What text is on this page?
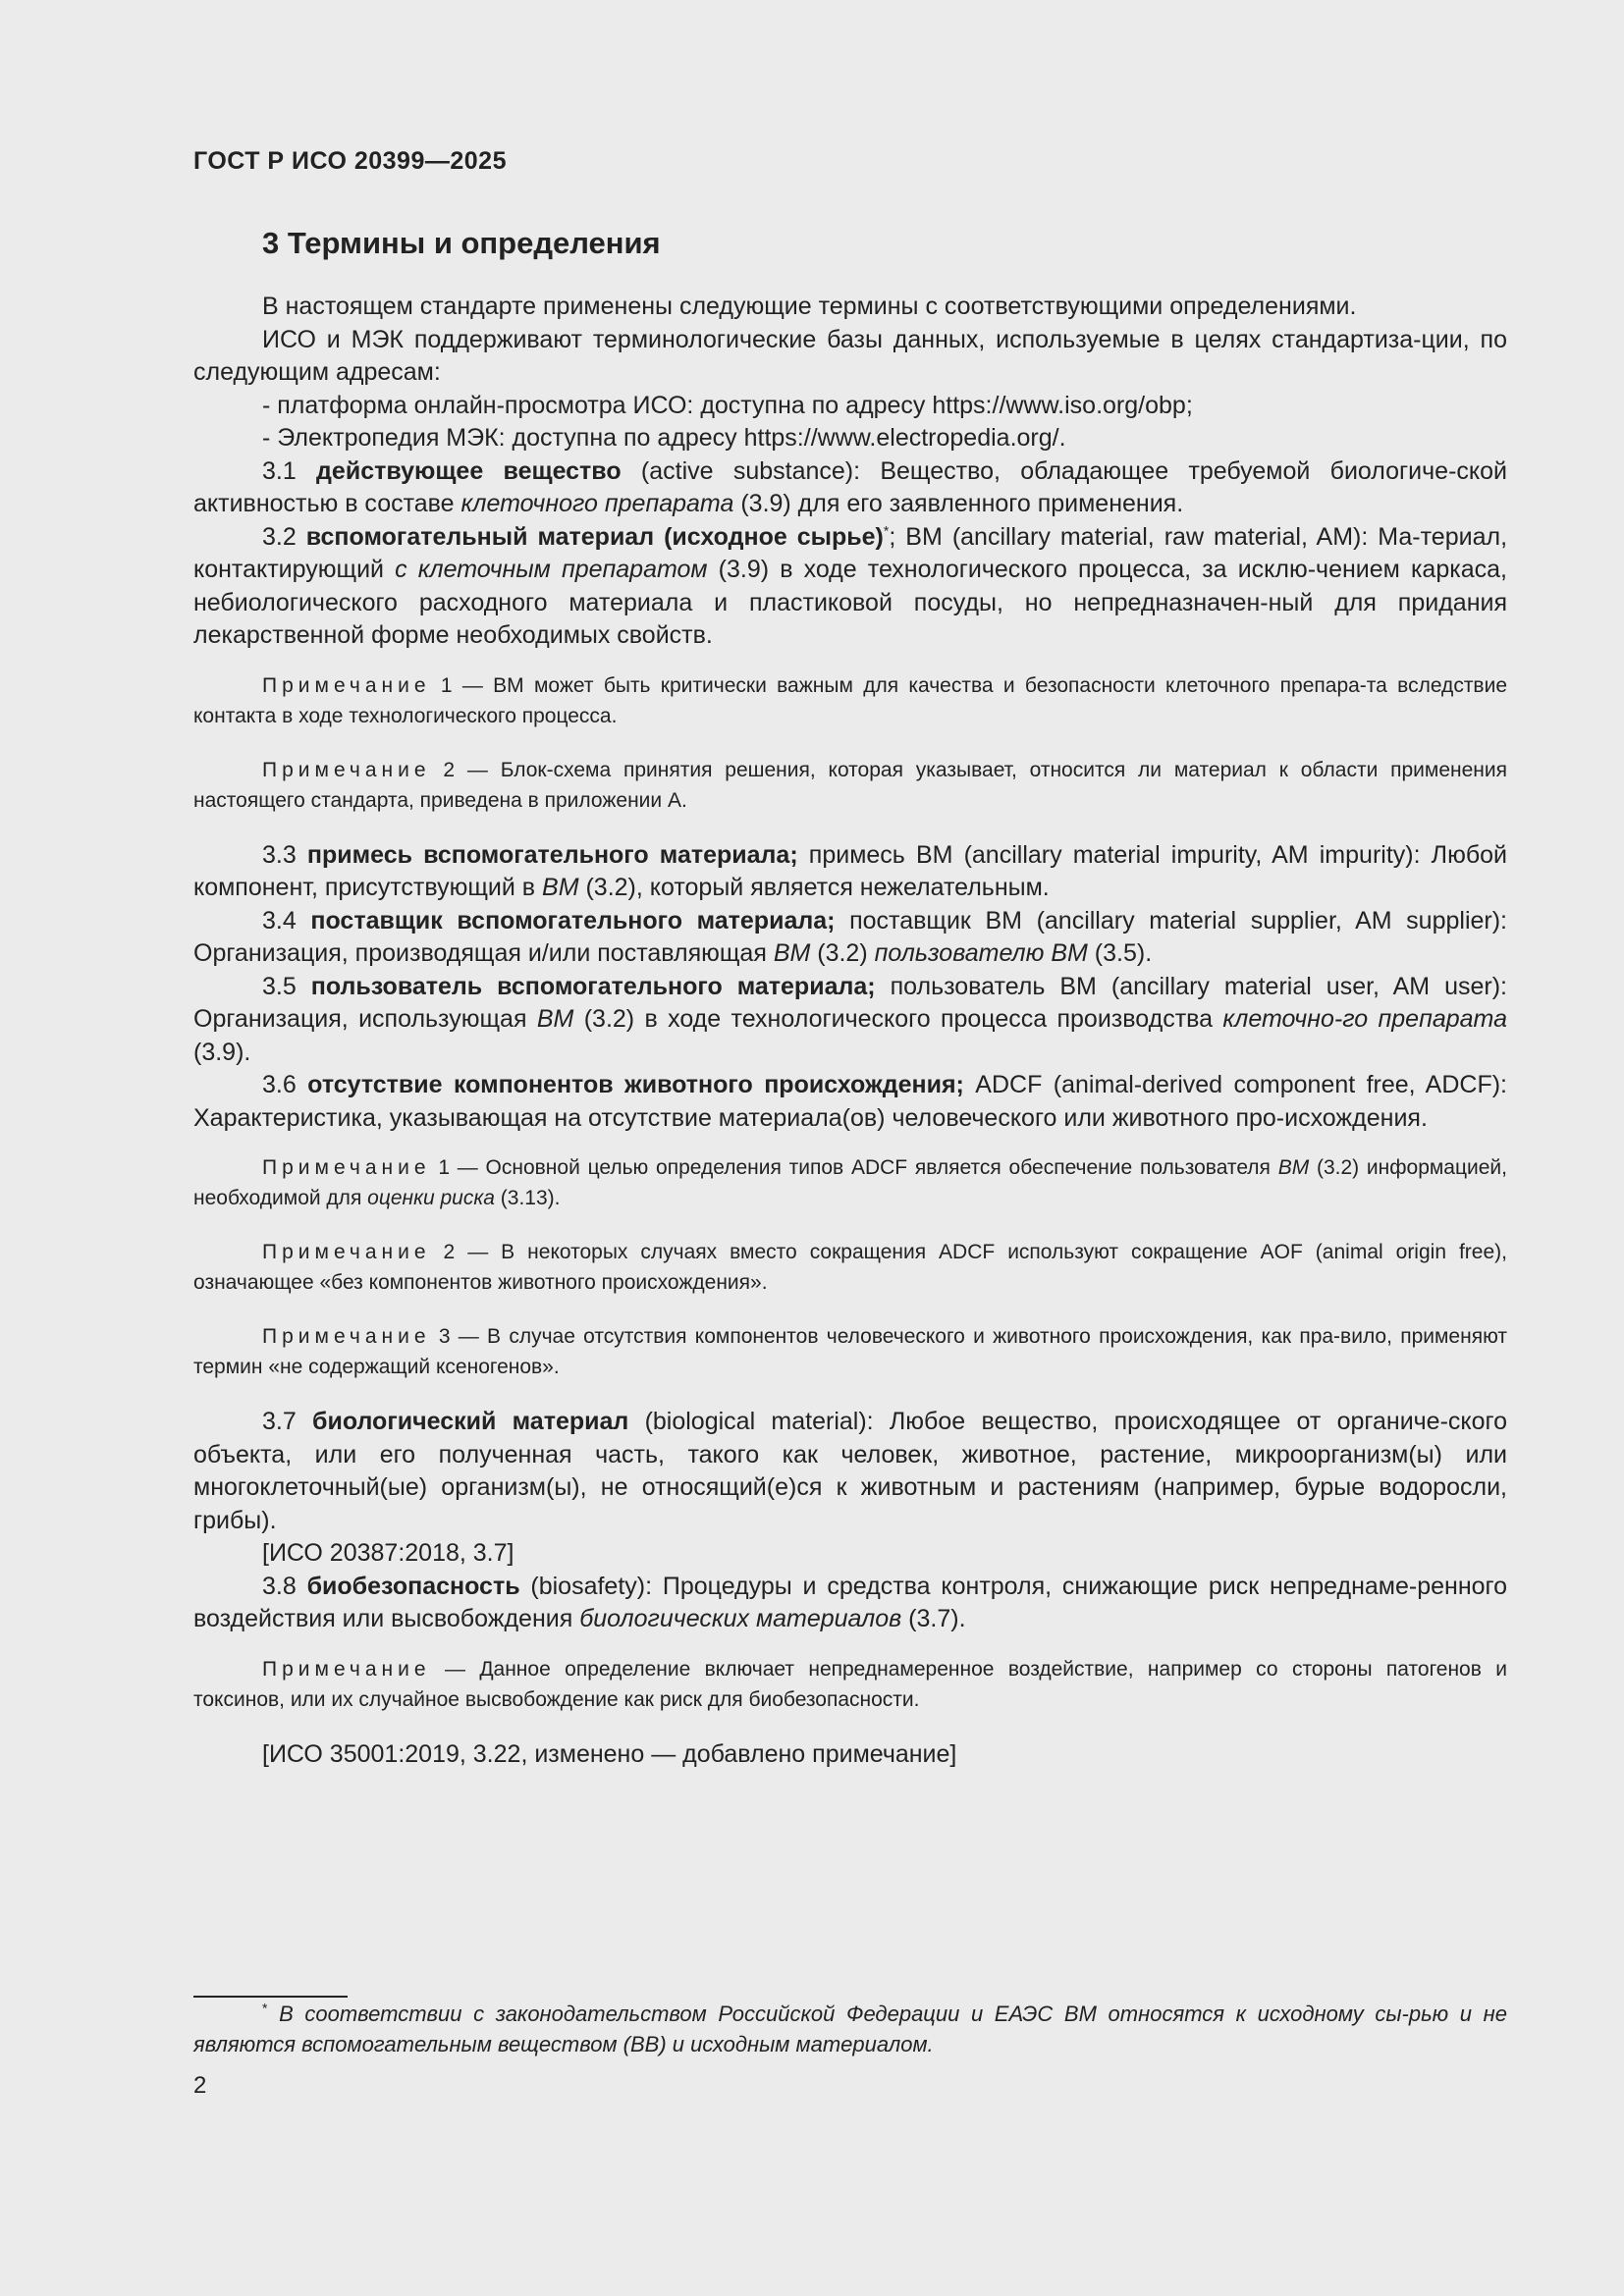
ГОСТ Р ИСО 20399—2025
3 Термины и определения

В настоящем стандарте применены следующие термины с соответствующими определениями.

ИСО и МЭК поддерживают терминологические базы данных, используемые в целях стандартиза-ции, по следующим адресам:

- платформа онлайн-просмотра ИСО: доступна по адресу https://www.iso.org/obp;

- Электропедия МЭК: доступна по адресу https://www.electropedia.org/.

3.1 действующее вещество (active substance): Вещество, обладающее требуемой биологиче-ской активностью в составе клеточного препарата (3.9) для его заявленного применения.

3.2 вспомогательный материал (исходное сырье)*; ВМ (ancillary material, raw material, AM): Ма-териал, контактирующий с клеточным препаратом (3.9) в ходе технологического процесса, за исклю-чением каркаса, небиологического расходного материала и пластиковой посуды, но непредназначен-ный для придания лекарственной форме необходимых свойств.

Примечание 1 — ВМ может быть критически важным для качества и безопасности клеточного препара-та вследствие контакта в ходе технологического процесса.

Примечание 2 — Блок-схема принятия решения, которая указывает, относится ли материал к области применения настоящего стандарта, приведена в приложении А.

3.3 примесь вспомогательного материала; примесь ВМ (ancillary material impurity, AM impurity): Любой компонент, присутствующий в ВМ (3.2), который является нежелательным.

3.4 поставщик вспомогательного материала; поставщик ВМ (ancillary material supplier, AM supplier): Организация, производящая и/или поставляющая ВМ (3.2) пользователю ВМ (3.5).

3.5 пользователь вспомогательного материала; пользователь ВМ (ancillary material user, AM user): Организация, использующая ВМ (3.2) в ходе технологического процесса производства клеточно-го препарата (3.9).

3.6 отсутствие компонентов животного происхождения; ADCF (animal-derived component free, ADCF): Характеристика, указывающая на отсутствие материала(ов) человеческого или животного про-исхождения.

Примечание 1 — Основной целью определения типов ADCF является обеспечение пользователя ВМ (3.2) информацией, необходимой для оценки риска (3.13).

Примечание 2 — В некоторых случаях вместо сокращения ADCF используют сокращение AOF (animal origin free), означающее «без компонентов животного происхождения».

Примечание 3 — В случае отсутствия компонентов человеческого и животного происхождения, как пра-вило, применяют термин «не содержащий ксеногенов».

3.7 биологический материал (biological material): Любое вещество, происходящее от органиче-ского объекта, или его полученная часть, такого как человек, животное, растение, микроорганизм(ы) или многоклеточный(ые) организм(ы), не относящий(е)ся к животным и растениям (например, бурые водоросли, грибы).

[ИСО 20387:2018, 3.7]

3.8 биобезопасность (biosafety): Процедуры и средства контроля, снижающие риск непреднаме-ренного воздействия или высвобождения биологических материалов (3.7).

Примечание — Данное определение включает непреднамеренное воздействие, например со стороны патогенов и токсинов, или их случайное высвобождение как риск для биобезопасности.

[ИСО 35001:2019, 3.22, изменено — добавлено примечание]

* В соответствии с законодательством Российской Федерации и ЕАЭС ВМ относятся к исходному сы-рью и не являются вспомогательным веществом (ВВ) и исходным материалом.
2
